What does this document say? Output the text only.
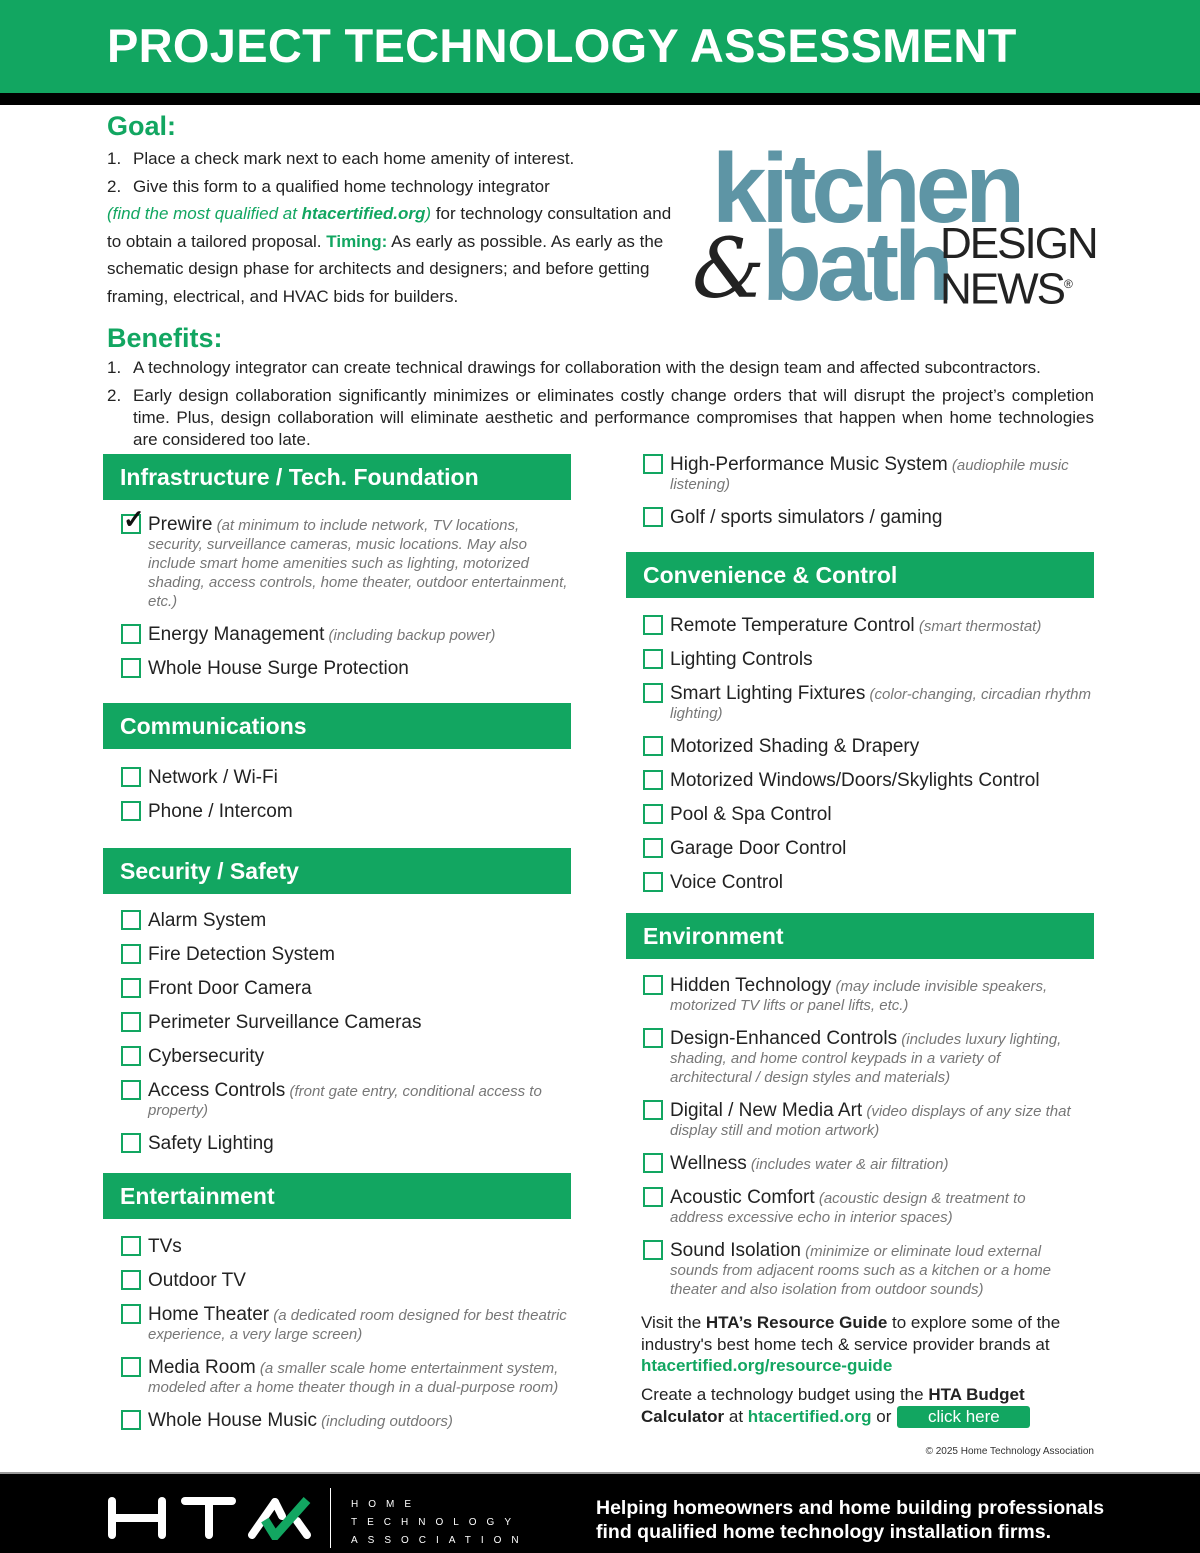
PROJECT TECHNOLOGY ASSESSMENT
Goal:
1. Place a check mark next to each home amenity of interest.
2. Give this form to a qualified home technology integrator
(find the most qualified at htacertified.org) for technology consultation and to obtain a tailored proposal. Timing: As early as possible. As early as the schematic design phase for architects and designers; and before getting framing, electrical, and HVAC bids for builders.
kitchen
&
bath
DESIGN
NEWS®
Benefits:
1. A technology integrator can create technical drawings for collaboration with the design team and affected subcontractors.
2. Early design collaboration significantly minimizes or eliminates costly change orders that will disrupt the project’s completion time. Plus, design collaboration will eliminate aesthetic and performance compromises that happen when home technologies are considered too late.
Infrastructure / Tech. Foundation
✓ Prewire (at minimum to include network, TV locations, security, surveillance cameras, music locations. May also include smart home amenities such as lighting, motorized shading, access controls, home theater, outdoor entertainment, etc.)
Energy Management (including backup power)
Whole House Surge Protection
Communications
Network / Wi-Fi
Phone / Intercom
Security / Safety
Alarm System
Fire Detection System
Front Door Camera
Perimeter Surveillance Cameras
Cybersecurity
Access Controls (front gate entry, conditional access to property)
Safety Lighting
Entertainment
TVs
Outdoor TV
Home Theater (a dedicated room designed for best theatric experience, a very large screen)
Media Room (a smaller scale home entertainment system, modeled after a home theater though in a dual-purpose room)
Whole House Music (including outdoors)
High-Performance Music System (audiophile music listening)
Golf / sports simulators / gaming
Convenience & Control
Remote Temperature Control (smart thermostat)
Lighting Controls
Smart Lighting Fixtures (color-changing, circadian rhythm lighting)
Motorized Shading & Drapery
Motorized Windows/Doors/Skylights Control
Pool & Spa Control
Garage Door Control
Voice Control
Environment
Hidden Technology (may include invisible speakers, motorized TV lifts or panel lifts, etc.)
Design-Enhanced Controls (includes luxury lighting, shading, and home control keypads in a variety of architectural / design styles and materials)
Digital / New Media Art (video displays of any size that display still and motion artwork)
Wellness (includes water & air filtration)
Acoustic Comfort (acoustic design & treatment to address excessive echo in interior spaces)
Sound Isolation (minimize or eliminate loud external sounds from adjacent rooms such as a kitchen or a home theater and also isolation from outdoor sounds)
Visit the HTA’s Resource Guide to explore some of the industry's best home tech & service provider brands at htacertified.org/resource-guide
Create a technology budget using the HTA Budget Calculator at htacertified.org or click here
© 2025 Home Technology Association
HOME
TECHNOLOGY
ASSOCIATION
Helping homeowners and home building professionals
find qualified home technology installation firms.
